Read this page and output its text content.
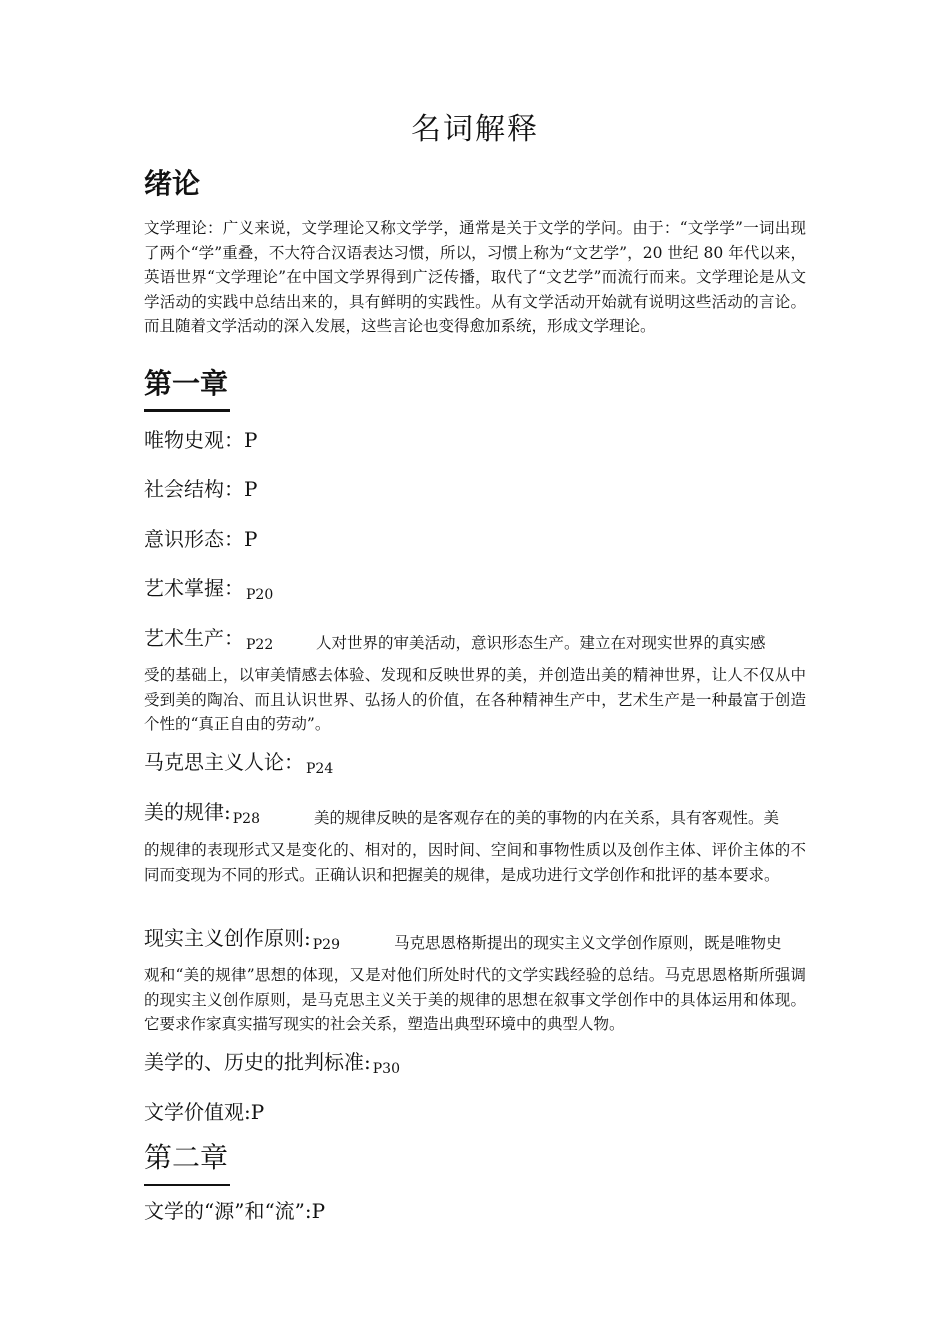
名词解释
绪论

文学理论：广义来说，文学理论又称文学学，通常是关于文学的学问。由于：“文学学”一词出现了两个“学”重叠，不大符合汉语表达习惯，所以，习惯上称为“文艺学”，20 世纪 80 年代以来，英语世界“文学理论”在中国文学界得到广泛传播，取代了“文艺学”而流行而来。文学理论是从文学活动的实践中总结出来的，具有鲜明的实践性。从有文学活动开始就有说明这些活动的言论。而且随着文学活动的深入发展，这些言论也变得愈加系统，形成文学理论。

第一章
唯物史观：P
社会结构：P
意识形态：P
艺术掌握： $_{P20}$
艺术生产： $_{P22}$	人对世界的审美活动，意识形态生产。建立在对现实世界的真实感

受的基础上，以审美情感去体验、发现和反映世界的美，并创造出美的精神世界，让人不仅从中受到美的陶冶、而且认识世界、弘扬人的价值，在各种精神生产中，艺术生产是一种最富于创造个性的“真正自由的劳动”。

马克思主义人论： $_{P24}$
美的规律: $_{P28}$	美的规律反映的是客观存在的美的事物的内在关系，具有客观性。美

的规律的表现形式又是变化的、相对的，因时间、空间和事物性质以及创作主体、评价主体的不同而变现为不同的形式。正确认识和把握美的规律，是成功进行文学创作和批评的基本要求。

现实主义创作原则: $_{P29}$	马克思恩格斯提出的现实主义文学创作原则，既是唯物史

观和“美的规律”思想的体现，又是对他们所处时代的文学实践经验的总结。马克思恩格斯所强调的现实主义创作原则，是马克思主义关于美的规律的思想在叙事文学创作中的具体运用和体现。它要求作家真实描写现实的社会关系，塑造出典型环境中的典型人物。

美学的、历史的批判标准: $_{P30}$
文学价值观:P
第二章
文学的“源”和“流”:P
